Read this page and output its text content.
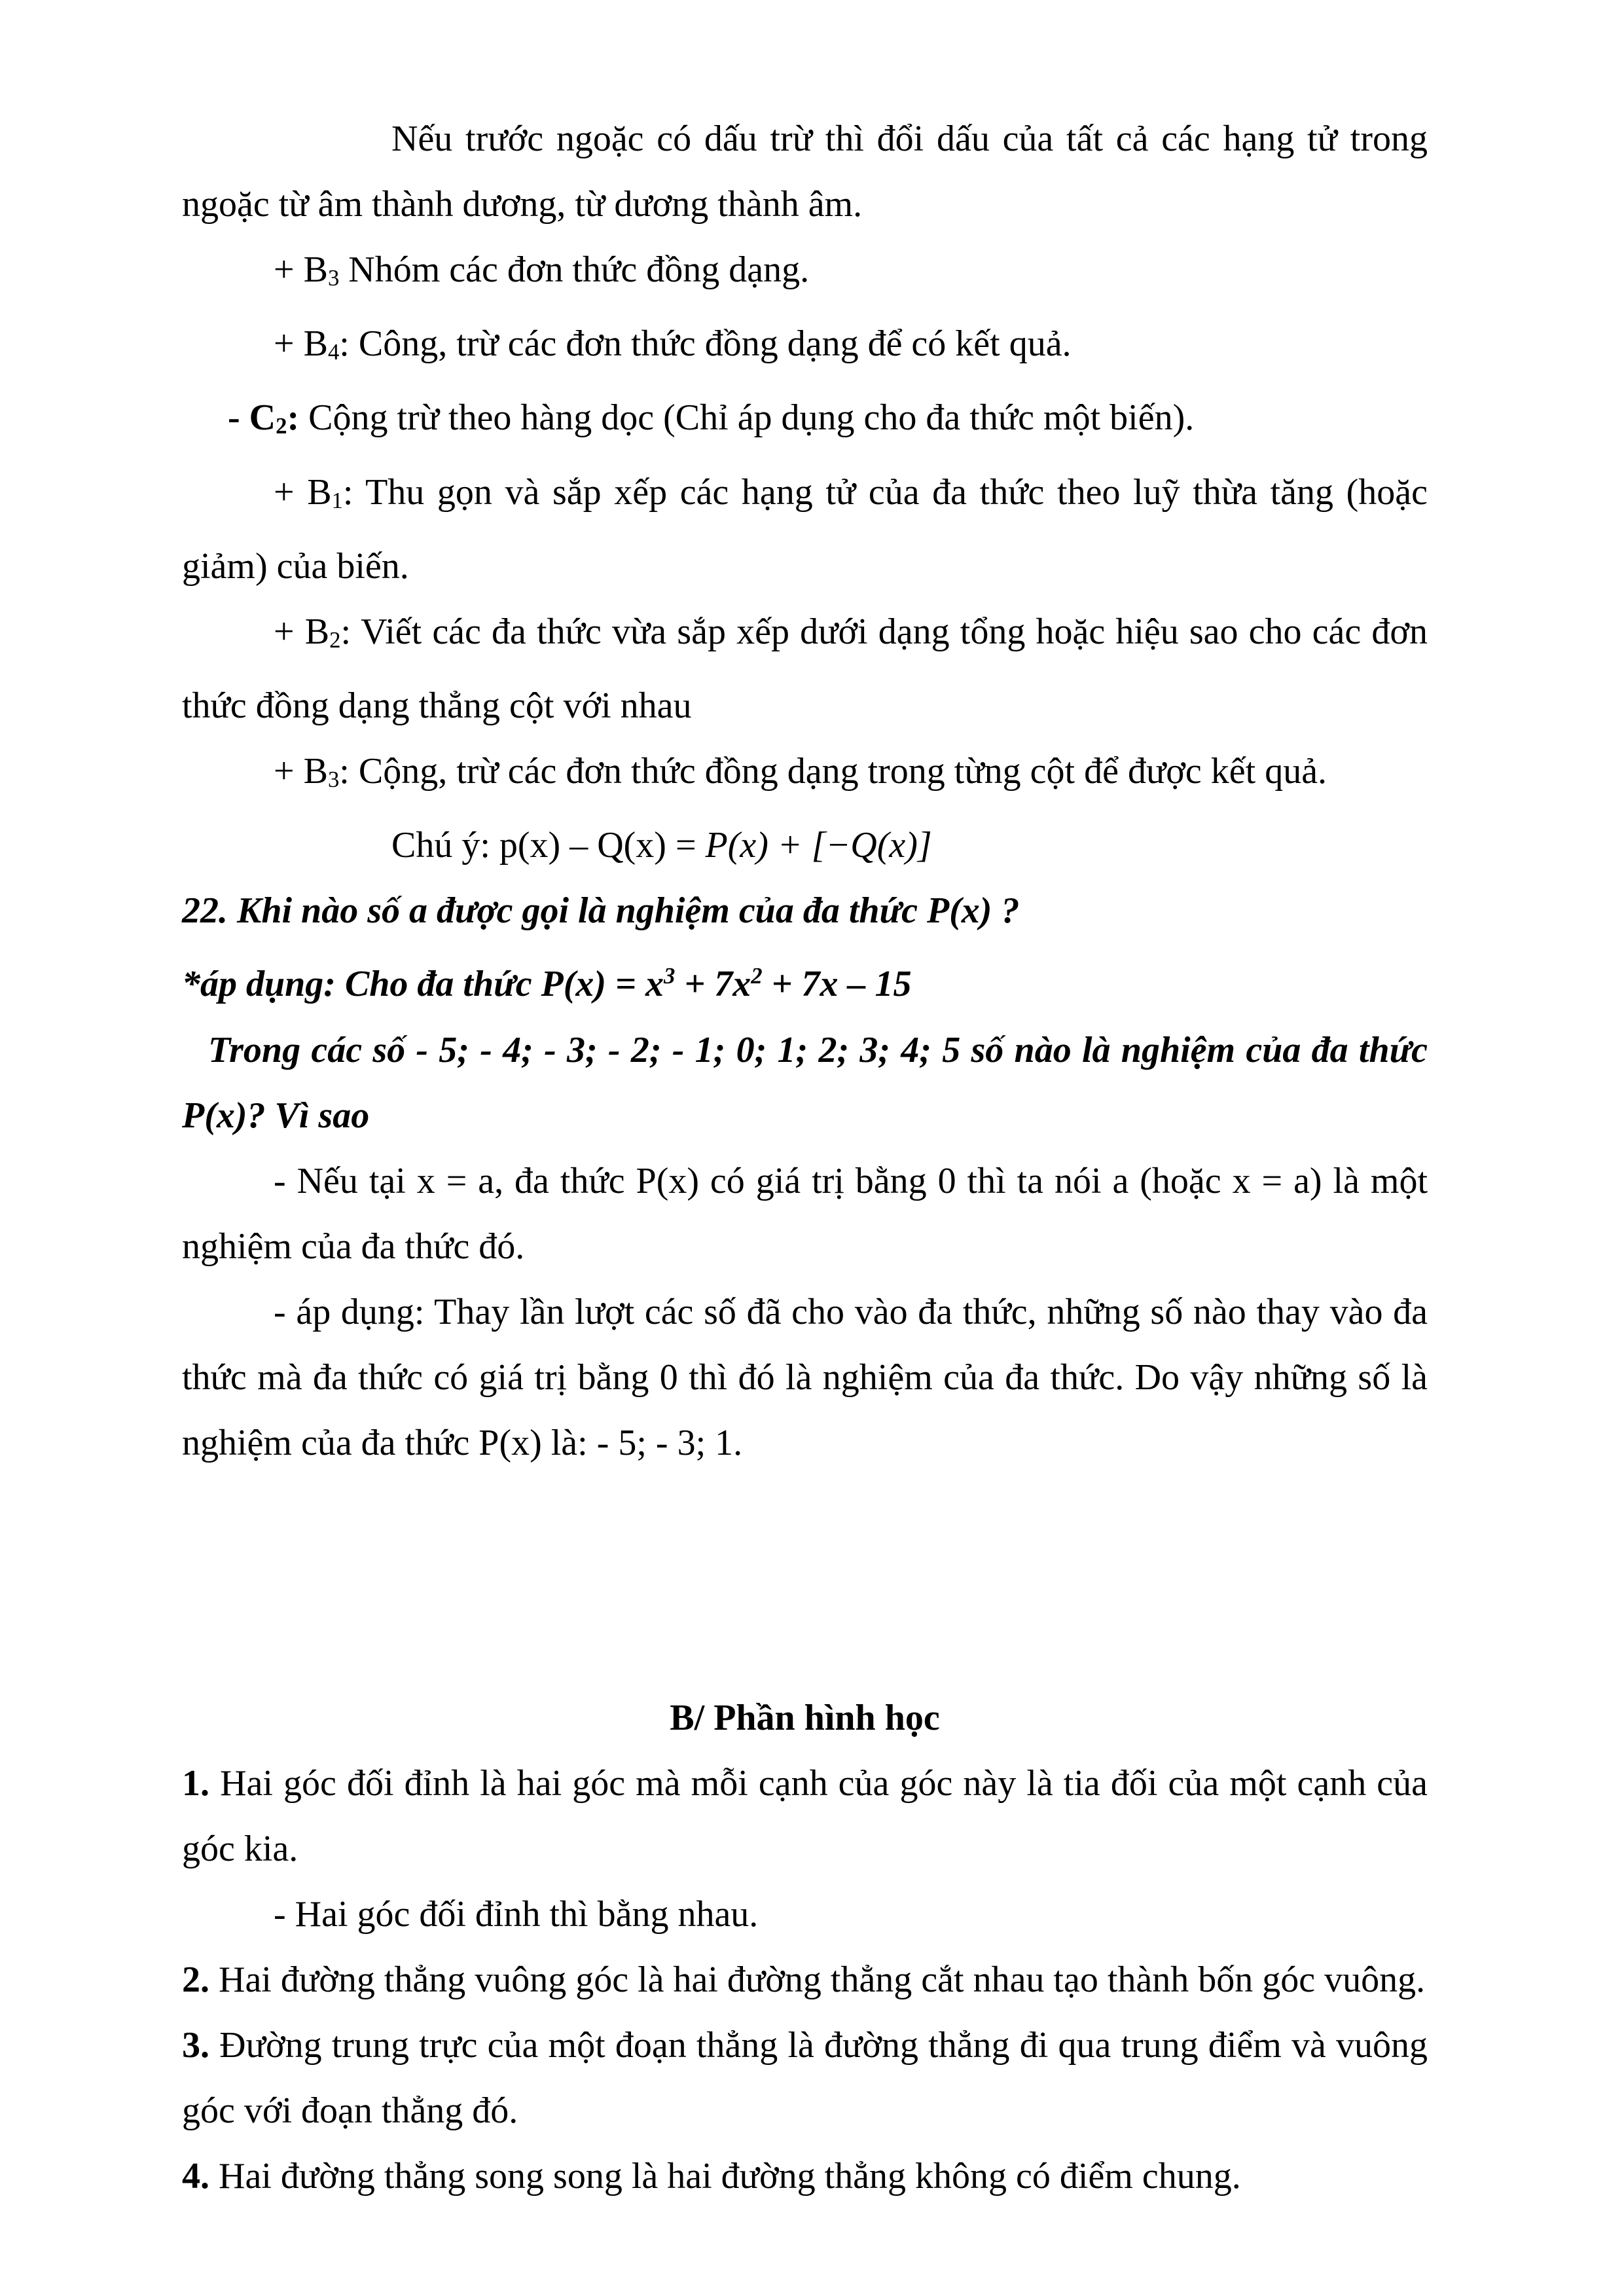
Nếu trước ngoặc có dấu trừ thì đổi dấu của tất cả các hạng tử trong ngoặc từ âm thành dương, từ dương thành âm.

+ B3 Nhóm các đơn thức đồng dạng.

+ B4: Công, trừ các đơn thức đồng dạng để có kết quả.

- C2: Cộng trừ theo hàng dọc (Chỉ áp dụng cho đa thức một biến).

+ B1: Thu gọn và sắp xếp các hạng tử của đa thức theo luỹ thừa tăng (hoặc giảm) của biến.

+ B2: Viết các đa thức vừa sắp xếp dưới dạng tổng hoặc hiệu sao cho các đơn thức đồng dạng thẳng cột với nhau

+ B3: Cộng, trừ các đơn thức đồng dạng trong từng cột để được kết quả.

Chú ý: p(x) – Q(x) = P(x) + [−Q(x)]

22. Khi nào số a được gọi là nghiệm của đa thức P(x) ?

*áp dụng: Cho đa thức $P(x) = x^3 + 7x^2 + 7x - 15$

Trong các số - 5; - 4; - 3; - 2; - 1; 0; 1; 2; 3; 4; 5 số nào là nghiệm của đa thức P(x)? Vì sao

- Nếu tại x = a, đa thức P(x) có giá trị bằng 0 thì ta nói a (hoặc x = a) là một nghiệm của đa thức đó.

- áp dụng: Thay lần lượt các số đã cho vào đa thức, những số nào thay vào đa thức mà đa thức có giá trị bằng 0 thì đó là nghiệm của đa thức. Do vậy những số là nghiệm của đa thức P(x) là: - 5; - 3; 1.

B/ Phần hình học

1. Hai góc đối đỉnh là hai góc mà mỗi cạnh của góc này là tia đối của một cạnh của góc kia.

- Hai góc đối đỉnh thì bằng nhau.

2. Hai đường thẳng vuông góc là hai đường thẳng cắt nhau tạo thành bốn góc vuông.

3. Đường trung trực của một đoạn thẳng là đường thẳng đi qua trung điểm và vuông góc với đoạn thẳng đó.

4. Hai đường thẳng song song là hai đường thẳng không có điểm chung.
